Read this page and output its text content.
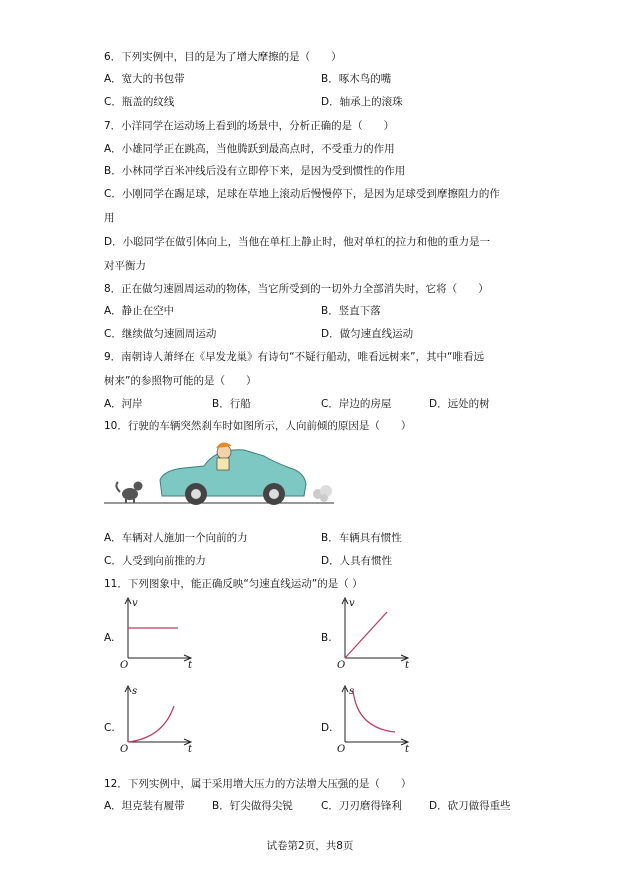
6．下列实例中，目的是为了增大摩擦的是（　　）
A．宽大的书包带	B．啄木鸟的嘴
C．瓶盖的纹线	D．轴承上的滚珠
7．小洋同学在运动场上看到的场景中，分析正确的是（　　）
A．小雄同学正在跳高，当他腾跃到最高点时，不受重力的作用
B．小林同学百米冲线后没有立即停下来，是因为受到惯性的作用
C．小刚同学在踢足球，足球在草地上滚动后慢慢停下，是因为足球受到摩擦阻力的作
用
D．小聪同学在做引体向上，当他在单杠上静止时，他对单杠的拉力和他的重力是一
对平衡力
8．正在做匀速圆周运动的物体，当它所受到的一切外力全部消失时，它将（　　）
A．静止在空中	B．竖直下落
C．继续做匀速圆周运动	D．做匀速直线运动
9．南朝诗人萧绎在《早发龙巢》有诗句“不疑行船动，唯看远树来”，其中“唯看远
树来”的参照物可能的是（　　）
A．河岸	B．行船	C．岸边的房屋	D．远处的树
10．行驶的车辆突然刹车时如图所示，人向前倾的原因是（　　）
A．车辆对人施加一个向前的力	B．车辆具有惯性
C．人受到向前推的力	D．人具有惯性
11．下列图象中，能正确反映“匀速直线运动”的是（ ）
A.	B.
C.	D.
v
t
O
v
t
O
s
t
O
s
t
O
12．下列实例中，属于采用增大压力的方法增大压强的是（　　）
A．坦克装有履带	B．钉尖做得尖锐	C．刀刃磨得锋利	D．砍刀做得重些
试卷第2页，共8页
